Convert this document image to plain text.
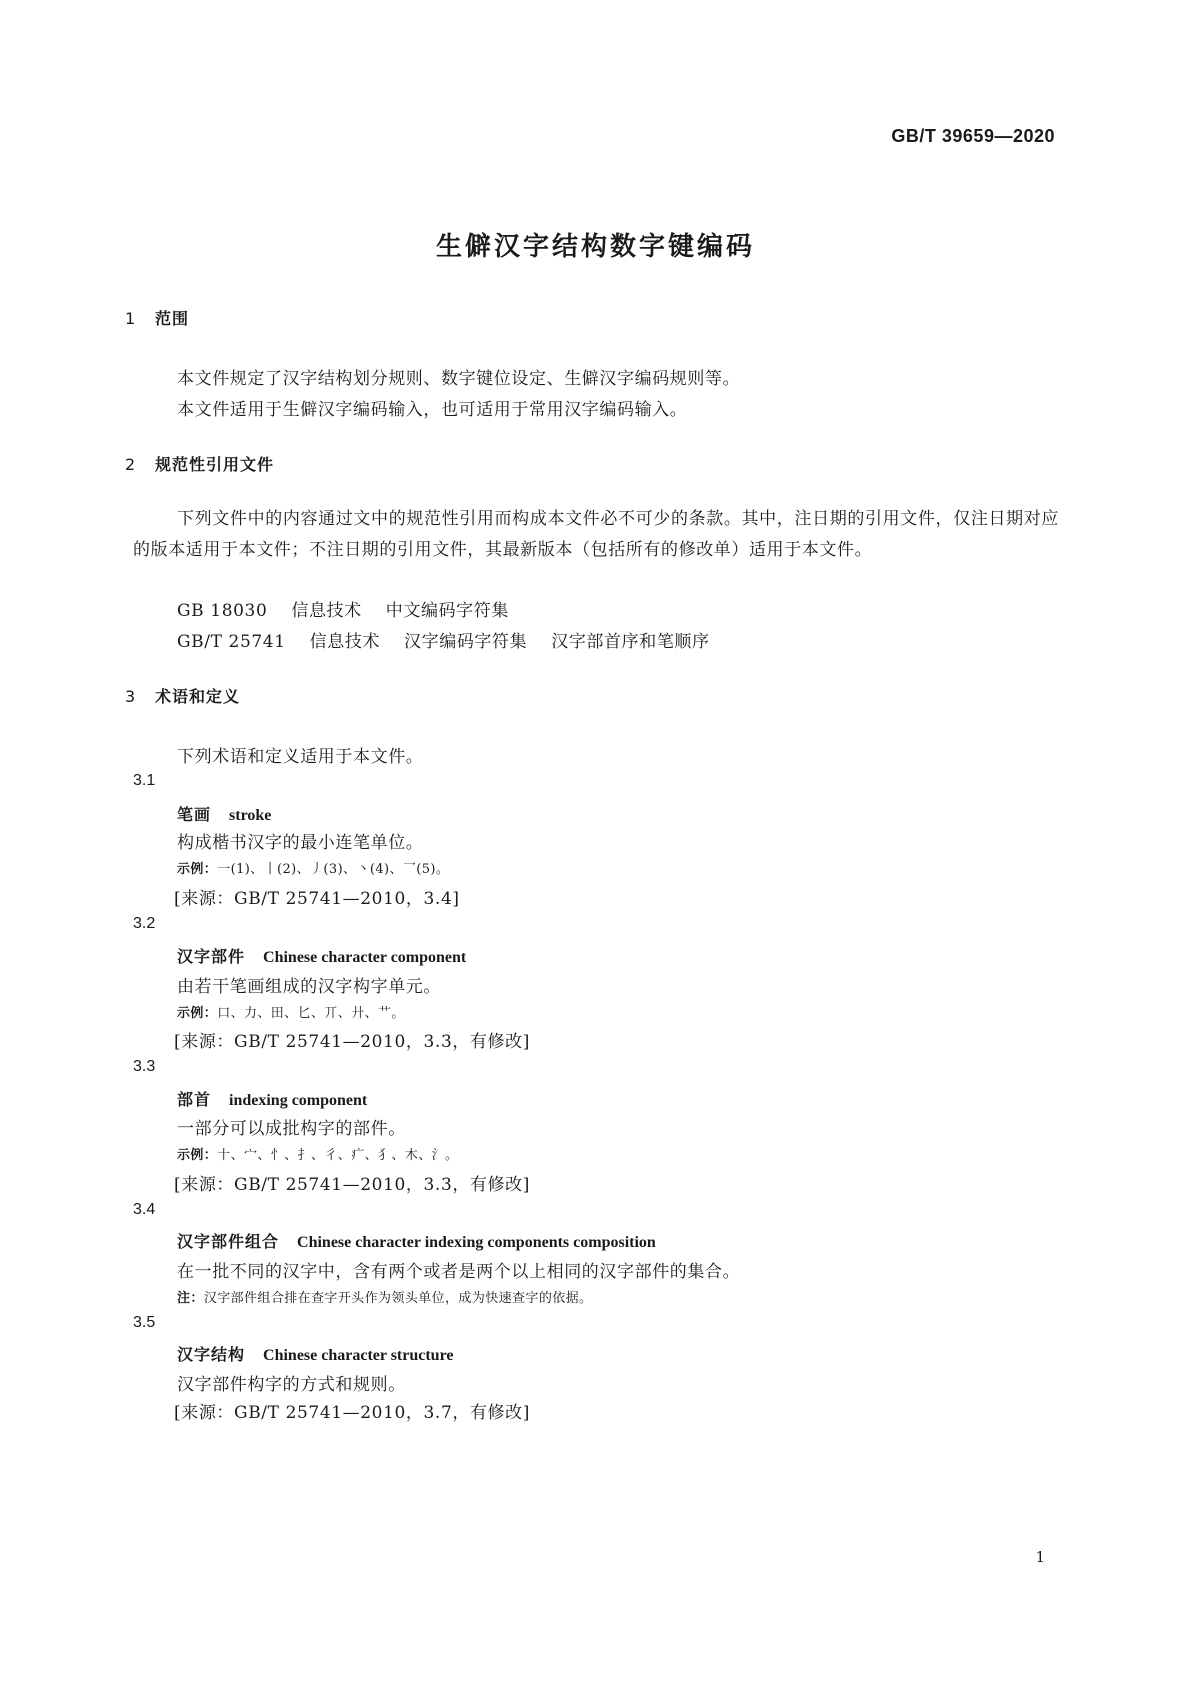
GB/T 39659—2020
生僻汉字结构数字键编码
1 范围
本文件规定了汉字结构划分规则、数字键位设定、生僻汉字编码规则等。
本文件适用于生僻汉字编码输入，也可适用于常用汉字编码输入。
2 规范性引用文件
下列文件中的内容通过文中的规范性引用而构成本文件必不可少的条款。其中，注日期的引用文件，仅注日期对应的版本适用于本文件；不注日期的引用文件，其最新版本（包括所有的修改单）适用于本文件。
GB 18030 信息技术 中文编码字符集
GB/T 25741 信息技术 汉字编码字符集 汉字部首序和笔顺序
3 术语和定义
下列术语和定义适用于本文件。
3.1
笔画 stroke
构成楷书汉字的最小连笔单位。
示例：一(1)、丨(2)、丿(3)、丶(4)、乛(5)。
[来源：GB/T 25741—2010，3.4]
3.2
汉字部件 Chinese character component
由若干笔画组成的汉字构字单元。
示例：口、力、田、匕、丌、廾、艹。
[来源：GB/T 25741—2010，3.3，有修改]
3.3
部首 indexing component
一部分可以成批构字的部件。
示例：十、宀、忄、扌、彳、疒、犭、木、氵。
[来源：GB/T 25741—2010，3.3，有修改]
3.4
汉字部件组合 Chinese character indexing components composition
在一批不同的汉字中，含有两个或者是两个以上相同的汉字部件的集合。
注：汉字部件组合排在查字开头作为领头单位，成为快速查字的依据。
3.5
汉字结构 Chinese character structure
汉字部件构字的方式和规则。
[来源：GB/T 25741—2010，3.7，有修改]
1
